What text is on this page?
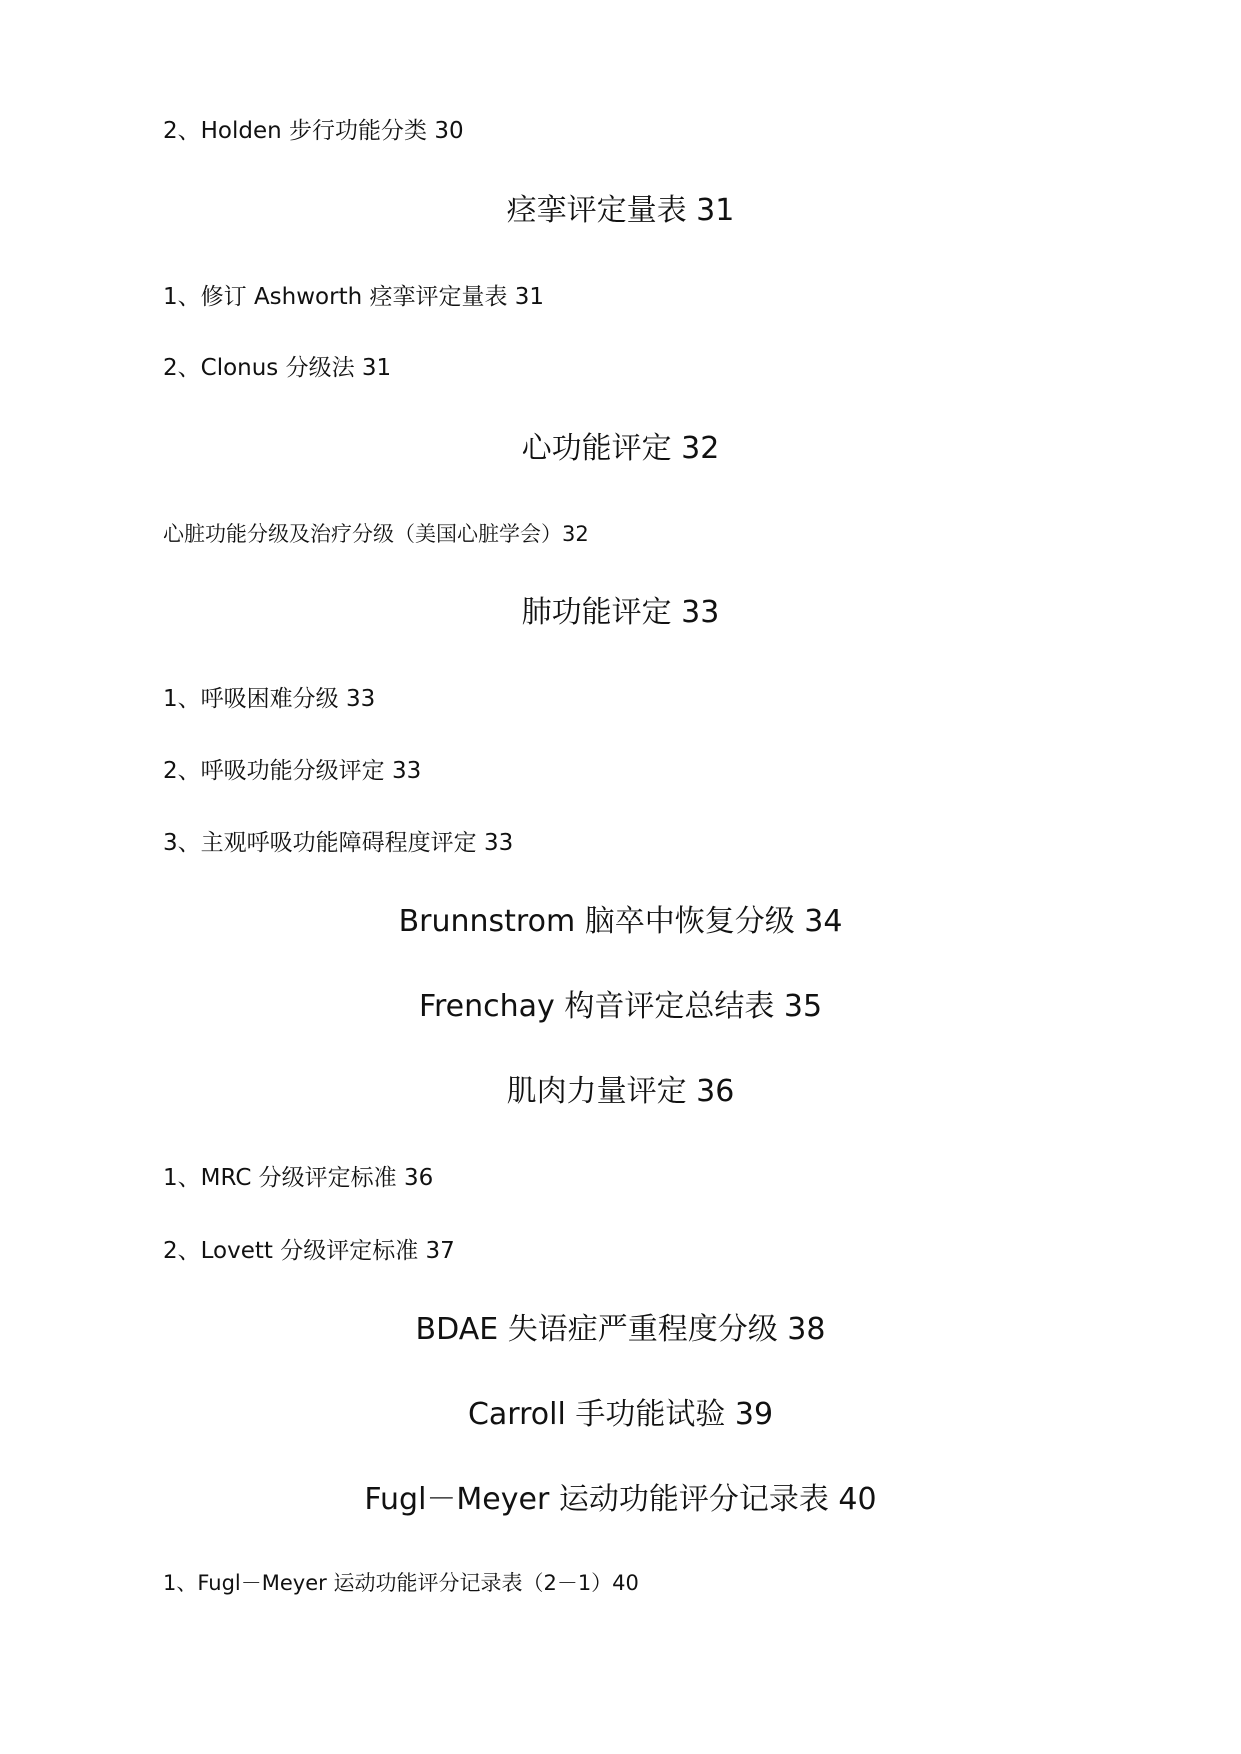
2、Holden 步行功能分类 30
痉挛评定量表 31
1、修订 Ashworth 痉挛评定量表 31
2、Clonus 分级法 31
心功能评定 32
心脏功能分级及治疗分级（美国心脏学会）32
肺功能评定 33
1、呼吸困难分级 33
2、呼吸功能分级评定 33
3、主观呼吸功能障碍程度评定 33
Brunnstrom 脑卒中恢复分级 34
Frenchay 构音评定总结表 35
肌肉力量评定 36
1、MRC 分级评定标准 36
2、Lovett 分级评定标准 37
BDAE 失语症严重程度分级 38
Carroll 手功能试验 39
Fugl－Meyer 运动功能评分记录表 40
1、Fugl－Meyer 运动功能评分记录表（2－1）40
